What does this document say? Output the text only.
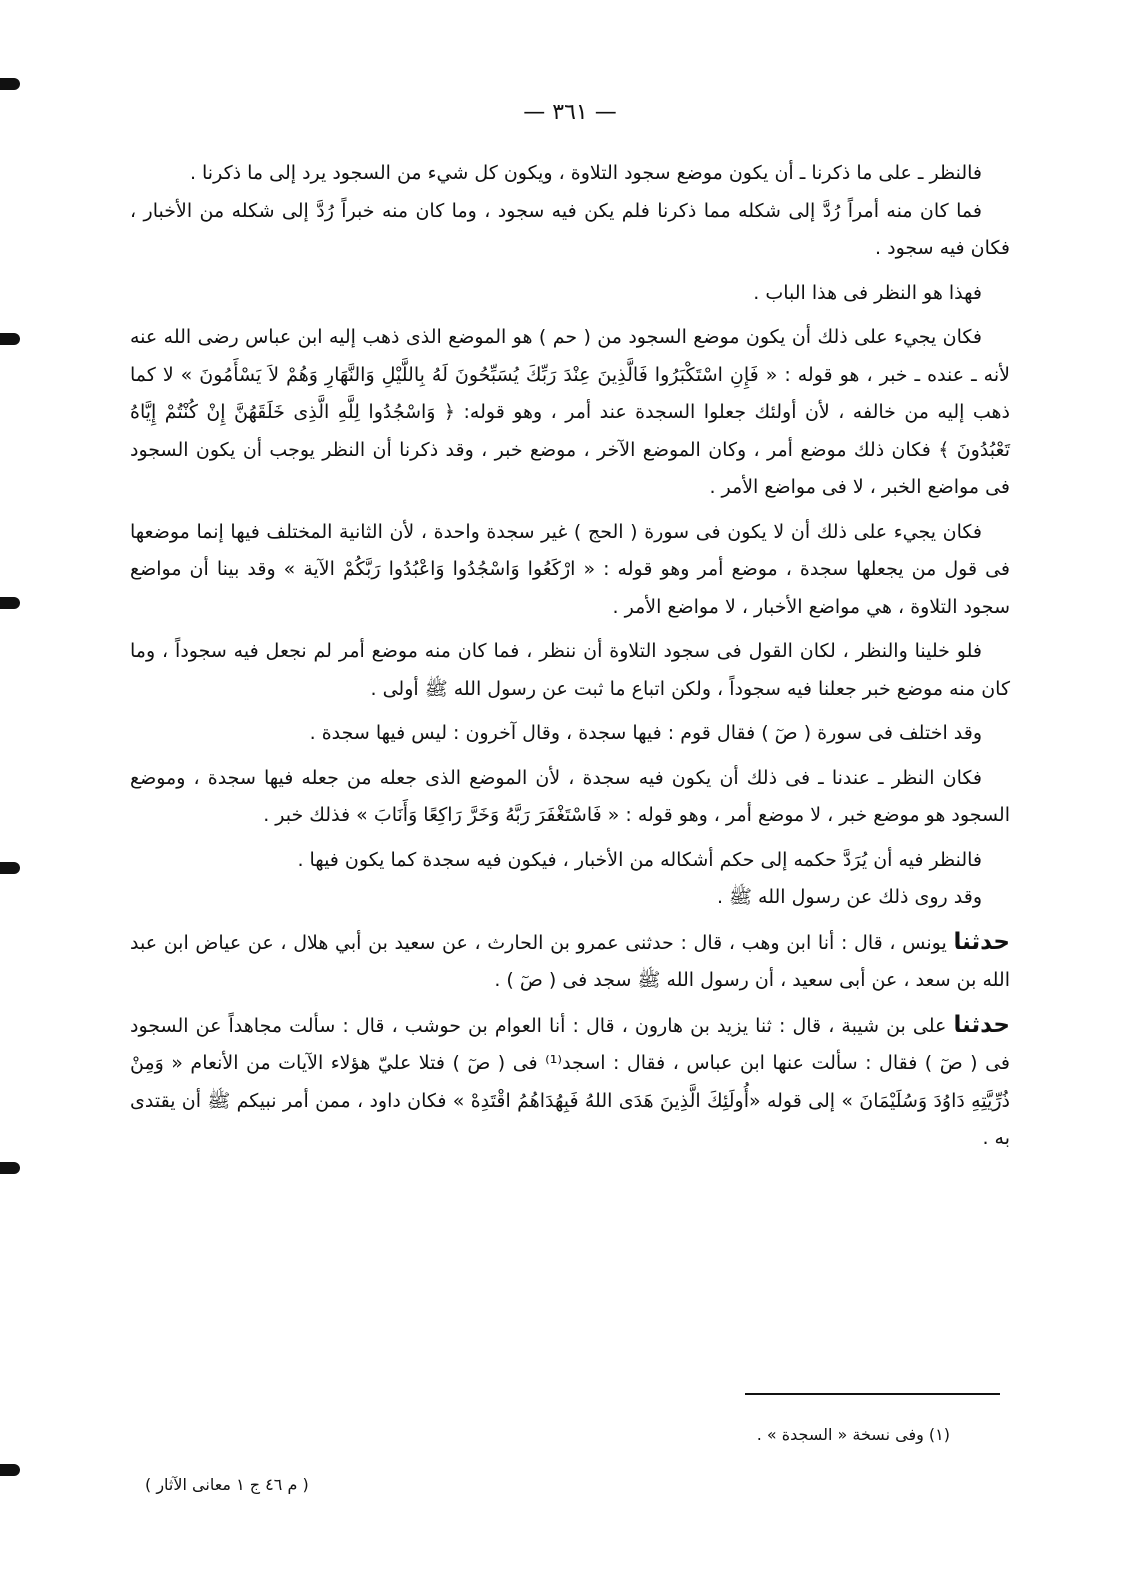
— ٣٦١ —

فالنظر ـ على ما ذكرنا ـ أن يكون موضع سجود التلاوة ، ويكون كل شيء من السجود يرد إلى ما ذكرنا .

فما كان منه أمراً رُدَّ إلى شكله مما ذكرنا فلم يكن فيه سجود ، وما كان منه خبراً رُدَّ إلى شكله من الأخبار ، فكان فيه سجود .

فهذا هو النظر فى هذا الباب .

فكان يجيء على ذلك أن يكون موضع السجود من ( حم ) هو الموضع الذى ذهب إليه ابن عباس رضى الله عنه لأنه ـ عنده ـ خبر ، هو قوله : « فَإِنِ اسْتَكْبَرُوا فَالَّذِينَ عِنْدَ رَبِّكَ يُسَبِّحُونَ لَهُ بِاللَّيْلِ وَالنَّهَارِ وَهُمْ لاَ يَسْأَمُونَ » لا كما ذهب إليه من خالفه ، لأن أولئك جعلوا السجدة عند أمر ، وهو قوله: ﴿ وَاسْجُدُوا لِلَّهِ الَّذِى خَلَقَهُنَّ إِنْ كُنْتُمْ إِيَّاهُ تَعْبُدُونَ ﴾ فكان ذلك موضع أمر ، وكان الموضع الآخر ، موضع خبر ، وقد ذكرنا أن النظر يوجب أن يكون السجود فى مواضع الخبر ، لا فى مواضع الأمر .

فكان يجيء على ذلك أن لا يكون فى سورة ( الحج ) غير سجدة واحدة ، لأن الثانية المختلف فيها إنما موضعها فى قول من يجعلها سجدة ، موضع أمر وهو قوله : « ارْكَعُوا وَاسْجُدُوا وَاعْبُدُوا رَبَّكُمْ الآية » وقد بينا أن مواضع سجود التلاوة ، هي مواضع الأخبار ، لا مواضع الأمر .

فلو خلينا والنظر ، لكان القول فى سجود التلاوة أن ننظر ، فما كان منه موضع أمر لم نجعل فيه سجوداً ، وما كان منه موضع خبر جعلنا فيه سجوداً ، ولكن اتباع ما ثبت عن رسول الله ﷺ أولى .

وقد اختلف فى سورة ( صٓ ) فقال قوم : فيها سجدة ، وقال آخرون : ليس فيها سجدة .

فكان النظر ـ عندنا ـ فى ذلك أن يكون فيه سجدة ، لأن الموضع الذى جعله من جعله فيها سجدة ، وموضع السجود هو موضع خبر ، لا موضع أمر ، وهو قوله : « فَاسْتَغْفَرَ رَبَّهُ وَخَرَّ رَاكِعًا وَأَنَابَ » فذلك خبر .

فالنظر فيه أن يُرَدَّ حكمه إلى حكم أشكاله من الأخبار ، فيكون فيه سجدة كما يكون فيها .

وقد روى ذلك عن رسول الله ﷺ .

حدثنا يونس ، قال : أنا ابن وهب ، قال : حدثنى عمرو بن الحارث ، عن سعيد بن أبي هلال ، عن عياض ابن عبد الله بن سعد ، عن أبى سعيد ، أن رسول الله ﷺ سجد فى ( صٓ ) .

حدثنا على بن شيبة ، قال : ثنا يزيد بن هارون ، قال : أنا العوام بن حوشب ، قال : سألت مجاهداً عن السجود فى ( صٓ ) فقال : سألت عنها ابن عباس ، فقال : اسجد⁽¹⁾ فى ( صٓ ) فتلا عليّ هؤلاء الآيات من الأنعام « وَمِنْ ذُرِّيَّتِهِ دَاوُدَ وَسُلَيْمَانَ » إلى قوله «أُولَئِكَ الَّذِينَ هَدَى اللهُ فَبِهُدَاهُمُ اقْتَدِهْ » فكان داود ، ممن أمر نبيكم ﷺ أن يقتدى به .

(١) وفى نسخة « السجدة » .
( م ٤٦ ج ١ معانى الآثار )
